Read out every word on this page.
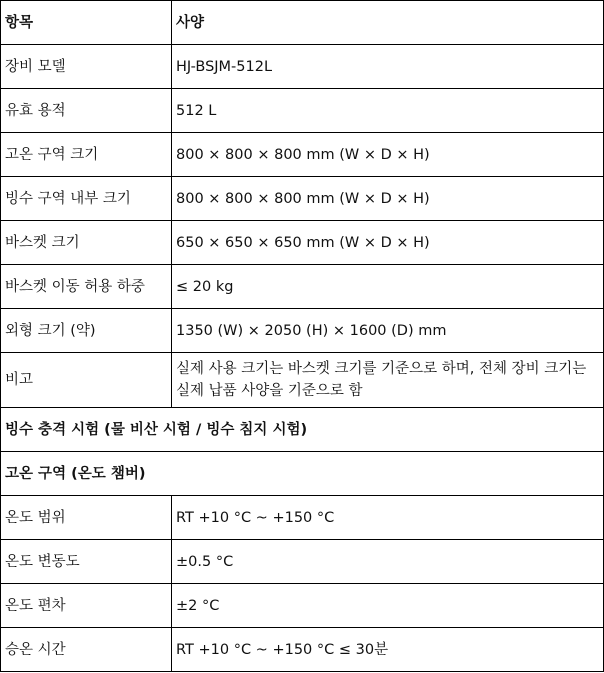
항목	사양
장비 모델	HJ-BSJM-512L
유효 용적	512 L
고온 구역 크기	800 × 800 × 800 mm (W × D × H)
빙수 구역 내부 크기	800 × 800 × 800 mm (W × D × H)
바스켓 크기	650 × 650 × 650 mm (W × D × H)
바스켓 이동 허용 하중	≤ 20 kg
외형 크기 (약)	1350 (W) × 2050 (H) × 1600 (D) mm
비고	실제 사용 크기는 바스켓 크기를 기준으로 하며, 전체 장비 크기는 실제 납품 사양을 기준으로 함
빙수 충격 시험 (물 비산 시험 / 빙수 침지 시험)	
고온 구역 (온도 챔버)	
온도 범위	RT +10 °C ~ +150 °C
온도 변동도	±0.5 °C
온도 편차	±2 °C
승온 시간	RT +10 °C ~ +150 °C ≤ 30분
